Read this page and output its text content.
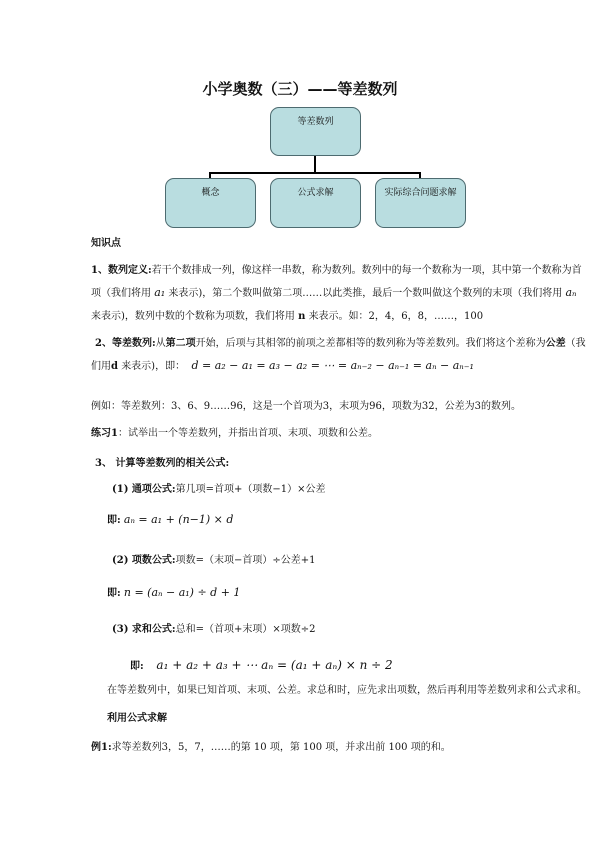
小学奥数（三）——等差数列
等差数列
概念	公式求解	实际综合问题求解
知识点
1、数列定义:若干个数排成一列，像这样一串数，称为数列。数列中的每一个数称为一项，其中第一个数称为首
项（我们将用 a₁ 来表示)，第二个数叫做第二项……以此类推，最后一个数叫做这个数列的末项（我们将用 aₙ
来表示)，数列中数的个数称为项数，我们将用 n 来表示。如：2，4，6，8，……，100
2、等差数列:从第二项开始，后项与其相邻的前项之差都相等的数列称为等差数列。我们将这个差称为公差（我
们用d 来表示)，即： d = a₂ − a₁ = a₃ − a₂ = ⋯ = aₙ₋₂ − aₙ₋₁ = aₙ − aₙ₋₁
例如：等差数列：3、6、9……96，这是一个首项为3，末项为96，项数为32，公差为3的数列。
练习1：试举出一个等差数列，并指出首项、末项、项数和公差。
3、 计算等差数列的相关公式:
(1) 通项公式:第几项=首项+（项数−1）×公差
即: aₙ = a₁ + (n−1) × d
(2) 项数公式:项数=（末项−首项）÷公差+1
即: n = (aₙ − a₁) ÷ d + 1
(3) 求和公式:总和=（首项+末项）×项数÷2
即: a₁ + a₂ + a₃ + ⋯ aₙ = (a₁ + aₙ) × n ÷ 2
在等差数列中，如果已知首项、末项、公差。求总和时，应先求出项数，然后再利用等差数列求和公式求和。
利用公式求解
例1:求等差数列3，5，7，……的第 10 项，第 100 项，并求出前 100 项的和。
